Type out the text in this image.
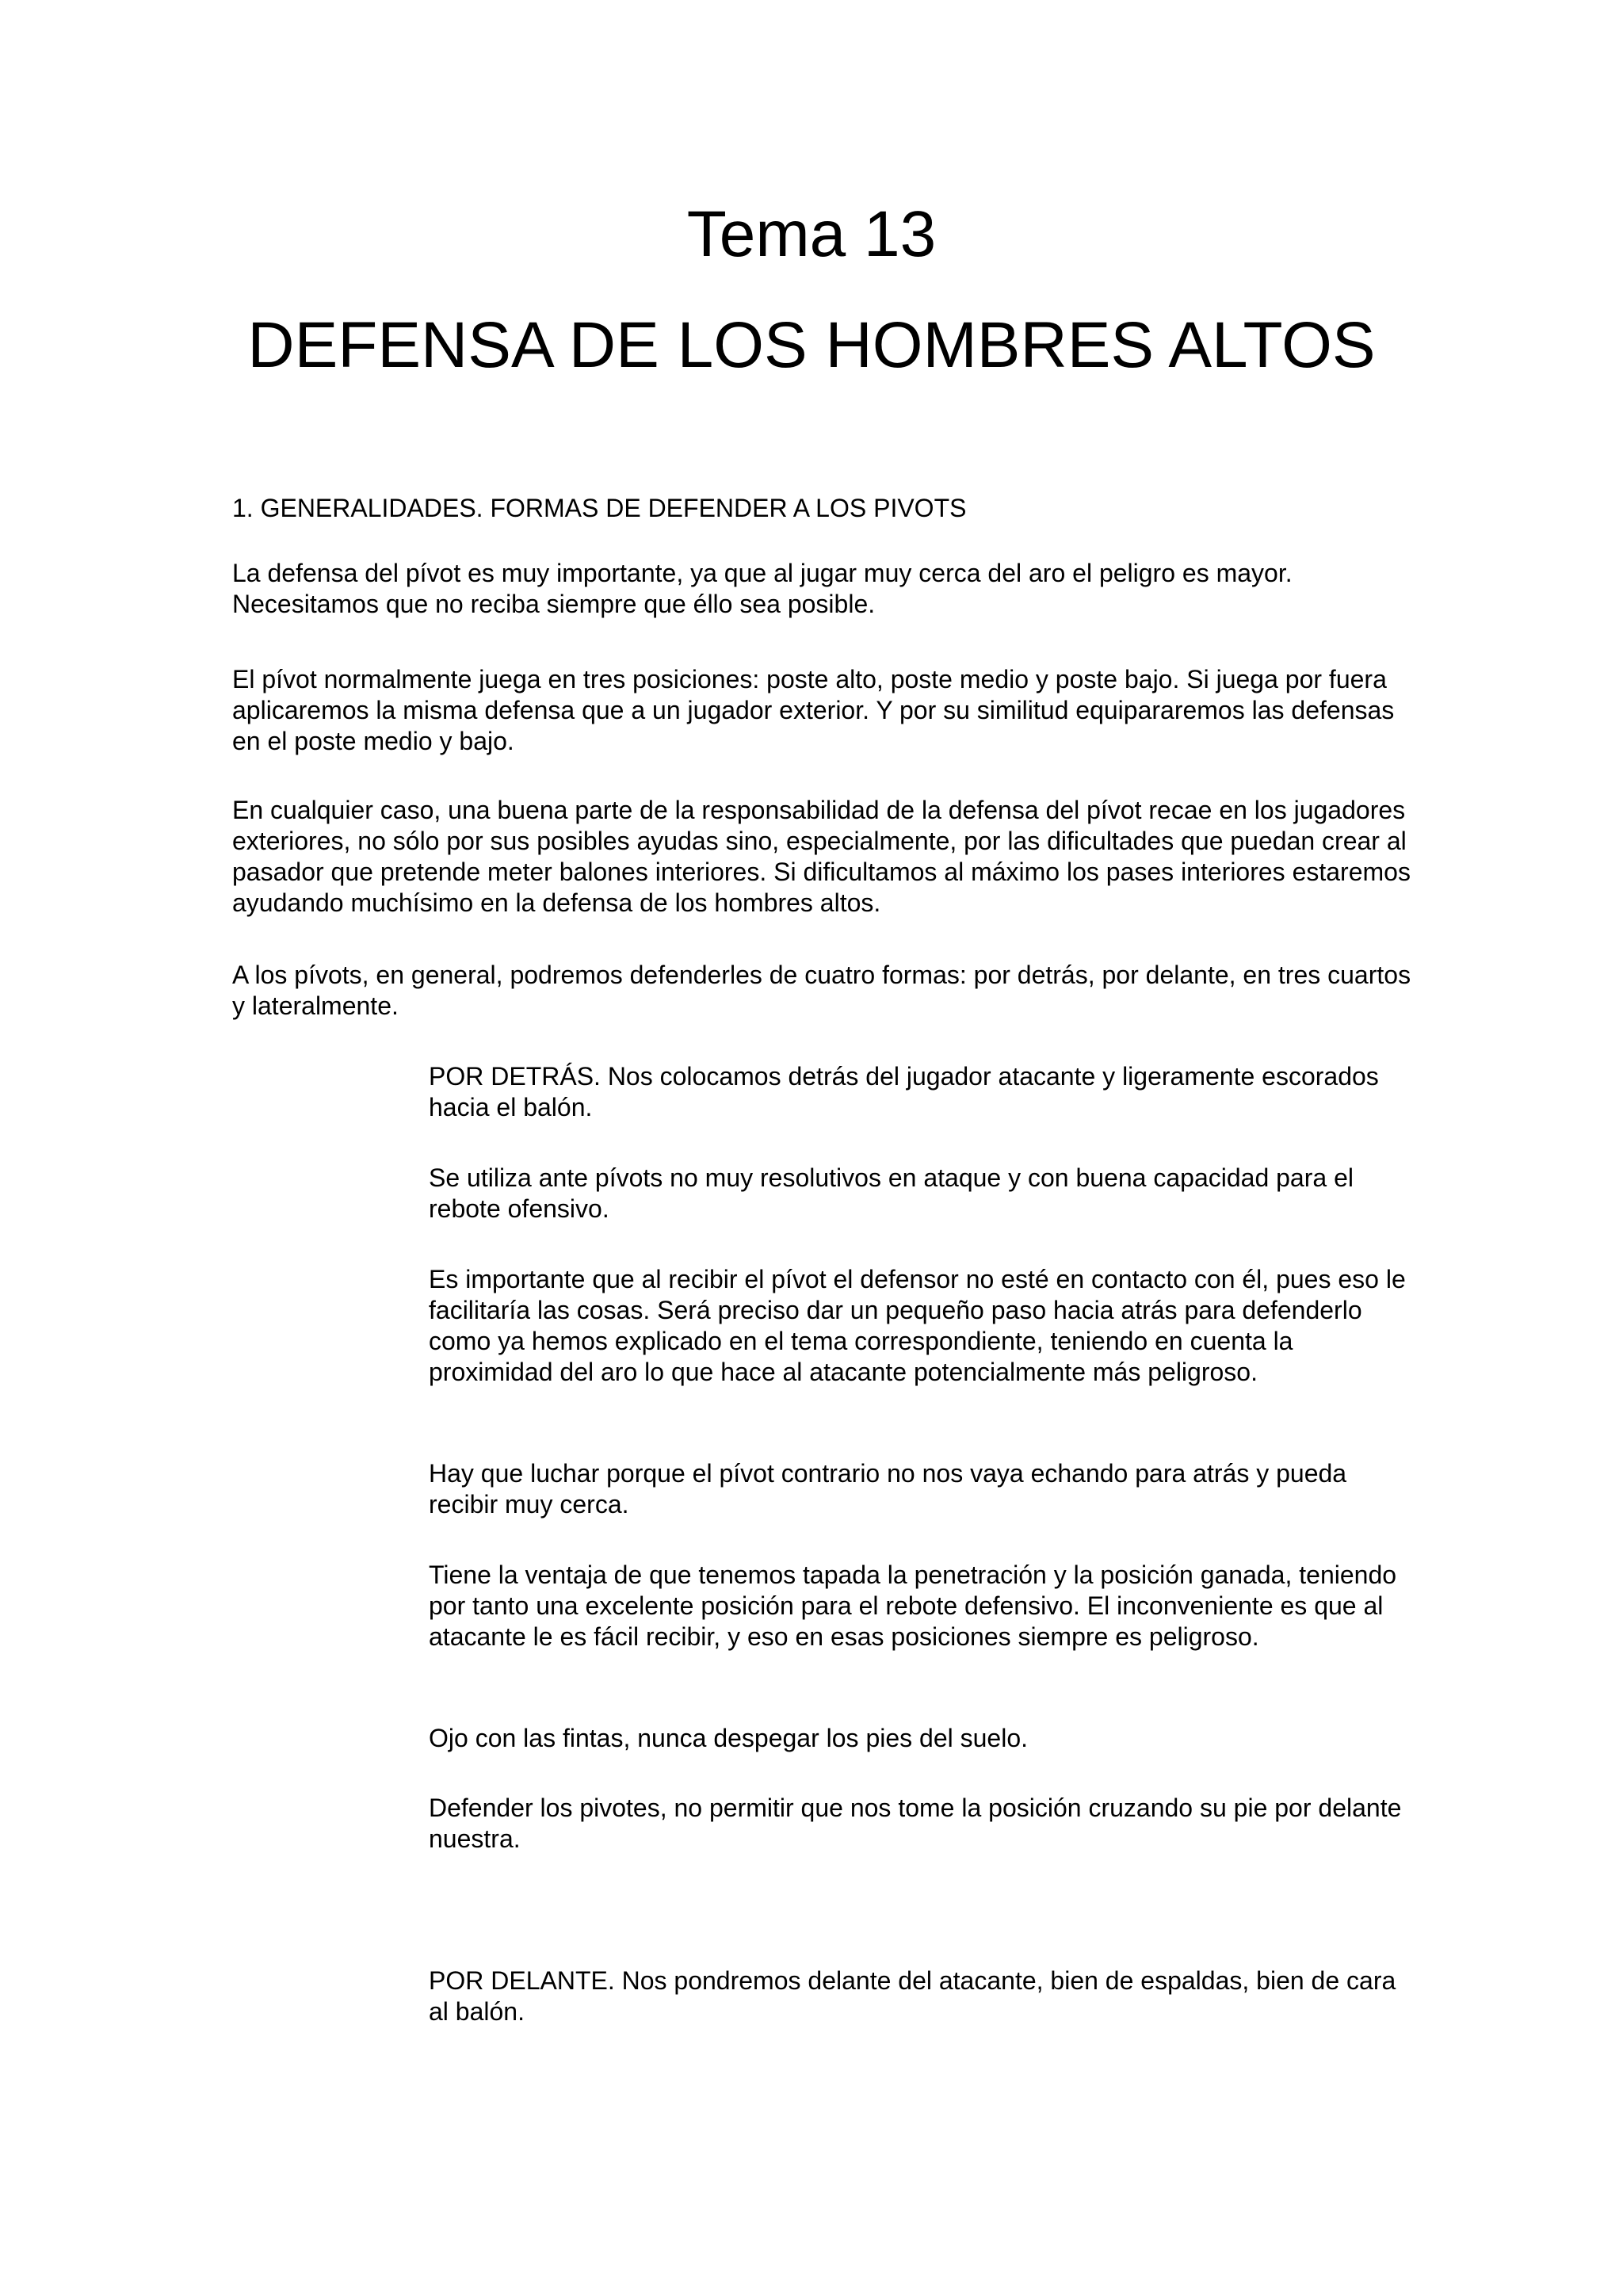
Tema 13
DEFENSA DE LOS HOMBRES ALTOS

1. GENERALIDADES. FORMAS DE DEFENDER A LOS PIVOTS

La defensa del pívot es muy importante, ya que al jugar muy cerca del aro el peligro es mayor. Necesitamos que no reciba siempre que éllo sea posible.

El pívot normalmente juega en tres posiciones: poste alto, poste medio y poste bajo. Si juega por fuera aplicaremos la misma defensa que a un jugador exterior. Y por su similitud equipararemos las defensas en el poste medio y bajo.

En cualquier caso, una buena parte de la responsabilidad de la defensa del pívot recae en los jugadores exteriores, no sólo por sus posibles ayudas sino, especialmente, por las dificultades que puedan crear al pasador que pretende meter balones interiores. Si dificultamos al máximo los pases interiores estaremos ayudando muchísimo en la defensa de los hombres altos.

A los pívots, en general, podremos defenderles de cuatro formas: por detrás, por delante, en tres cuartos y lateralmente.

POR DETRÁS. Nos colocamos detrás del jugador atacante y ligeramente escorados hacia el balón.

Se utiliza ante pívots no muy resolutivos en ataque y con buena capacidad para el rebote ofensivo.

Es importante que al recibir el pívot el defensor no esté en contacto con él, pues eso le facilitaría las cosas. Será preciso dar un pequeño paso hacia atrás para defenderlo como ya hemos explicado en el tema correspondiente, teniendo en cuenta la proximidad del aro lo que hace al atacante potencialmente más peligroso.

Hay que luchar porque el pívot contrario no nos vaya echando para atrás y pueda recibir muy cerca.

Tiene la ventaja de que tenemos tapada la penetración y la posición ganada, teniendo por tanto una excelente posición para el rebote defensivo. El inconveniente es que al atacante le es fácil recibir, y eso en esas posiciones siempre es peligroso.

Ojo con las fintas, nunca despegar los pies del suelo.

Defender los pivotes, no permitir que nos tome la posición cruzando su pie por delante nuestra.

POR DELANTE. Nos pondremos delante del atacante, bien de espaldas, bien de cara al balón.
